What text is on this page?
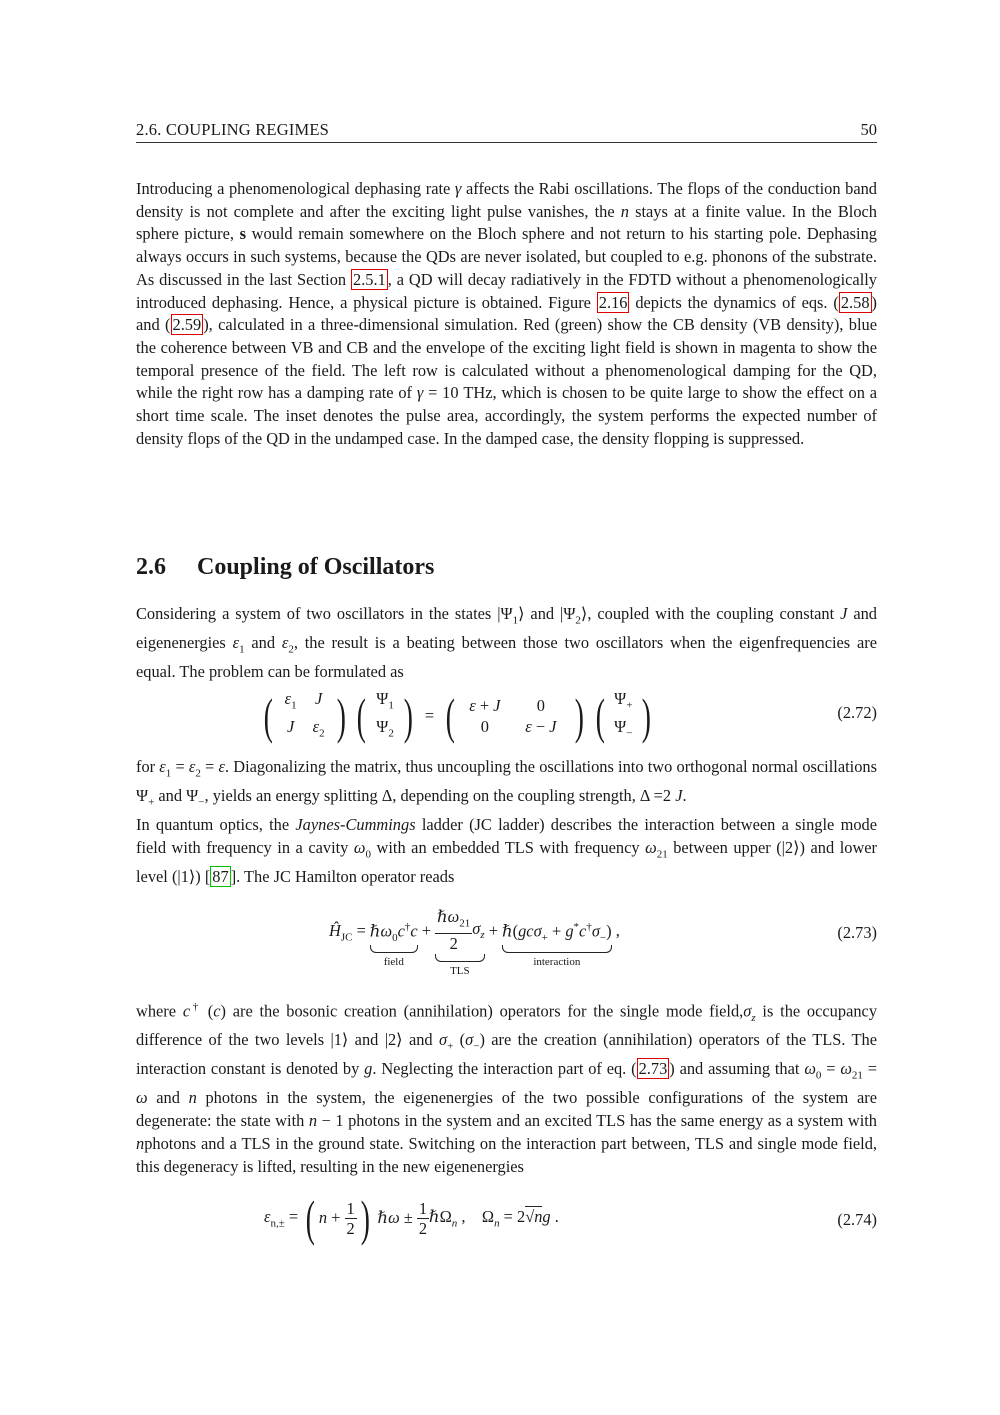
2.6. COUPLING REGIMES	50

Introducing a phenomenological dephasing rate γ affects the Rabi oscillations. The flops of the conduction band density is not complete and after the exciting light pulse vanishes, the n stays at a finite value. In the Bloch sphere picture, s would remain somewhere on the Bloch sphere and not return to his starting pole. Dephasing always occurs in such systems, because the QDs are never isolated, but coupled to e.g. phonons of the substrate. As discussed in the last Section 2.5.1 , a QD will decay radiatively in the FDTD without a phenomenologically introduced dephasing. Hence, a physical picture is obtained. Figure 2.16 depicts the dynamics of eqs. ( 2.58 ) and ( 2.59 ), calculated in a three-dimensional simulation. Red (green) show the CB density (VB density), blue the coherence between VB and CB and the envelope of the exciting light field is shown in magenta to show the temporal presence of the field. The left row is calculated without a phenomenological damping for the QD, while the right row has a damping rate of γ = 10 THz, which is chosen to be quite large to show the effect on a short time scale. The inset denotes the pulse area, accordingly, the system performs the expected number of density flops of the QD in the undamped case. In the damped case, the density flopping is suppressed.

2.6 Coupling of Oscillators

Considering a system of two oscillators in the states $|\Psi_1⟩$ and $|\Psi_2⟩$, coupled with the coupling constant J and eigenenergies $\varepsilon_1$ and $\varepsilon_2$, the result is a beating between those two oscillators when the eigenfrequencies are equal. The problem can be formulated as

( $\varepsilon_1$	J
J	$\varepsilon_2$ )
( $\Psi_1$
$\Psi_2$ ) = ( ε + J	0
0	ε − J )
( $\Psi_+$
$\Psi_-$ )	(2.72)

for $\varepsilon_1 = \varepsilon_2 = \varepsilon$. Diagonalizing the matrix, thus uncoupling the oscillations into two orthogonal normal oscillations $\Psi_+$ and $\Psi_-$, yields an energy splitting Δ, depending on the coupling strength, Δ =2 J.

In quantum optics, the Jaynes-Cummings ladder (JC ladder) describes the interaction between a single mode field with frequency in a cavity $\omega_0$ with an embedded TLS with frequency $\omega_{21}$ between upper (|2⟩) and lower level (|1⟩) [ 87 ]. The JC Hamilton operator reads

$Ĥ_{JC}$ = ℏω$_0$c†c
field
+ $\frac{\hbar\omega_{21}}{2} \sigma_z$
TLS
+ ℏ(gcσ$_+$ + $g^*c^\dagger\sigma_-$)
interaction
,	(2.73)

where c† (c) are the bosonic creation (annihilation) operators for the single mode $field,\sigma_z$ is the occupancy difference of the two levels |1⟩ and |2⟩ and $\sigma_+$ $(\sigma_-)$ are the creation (annihilation) operators of the TLS. The interaction constant is denoted by g. Neglecting the interaction part of eq. ( 2.73 ) and assuming that $\omega_0 = \omega_{21} = \omega$ and n photons in the system, the eigenenergies of the two possible configurations of the system are degenerate: the state with n − 1 photons in the system and an excited TLS has the same energy as a system with nphotons and a TLS in the ground state. Switching on the interaction part between, TLS and single mode field, this degeneracy is lifted, resulting in the new eigenenergies

$\varepsilon_{n,\pm}$ = ( $n + \frac{1}{2}$ ) ℏω ± $\frac{1}{2}$ ℏΩ$_n$ ,    $\Omega_n = 2√ng$ .	(2.74)
